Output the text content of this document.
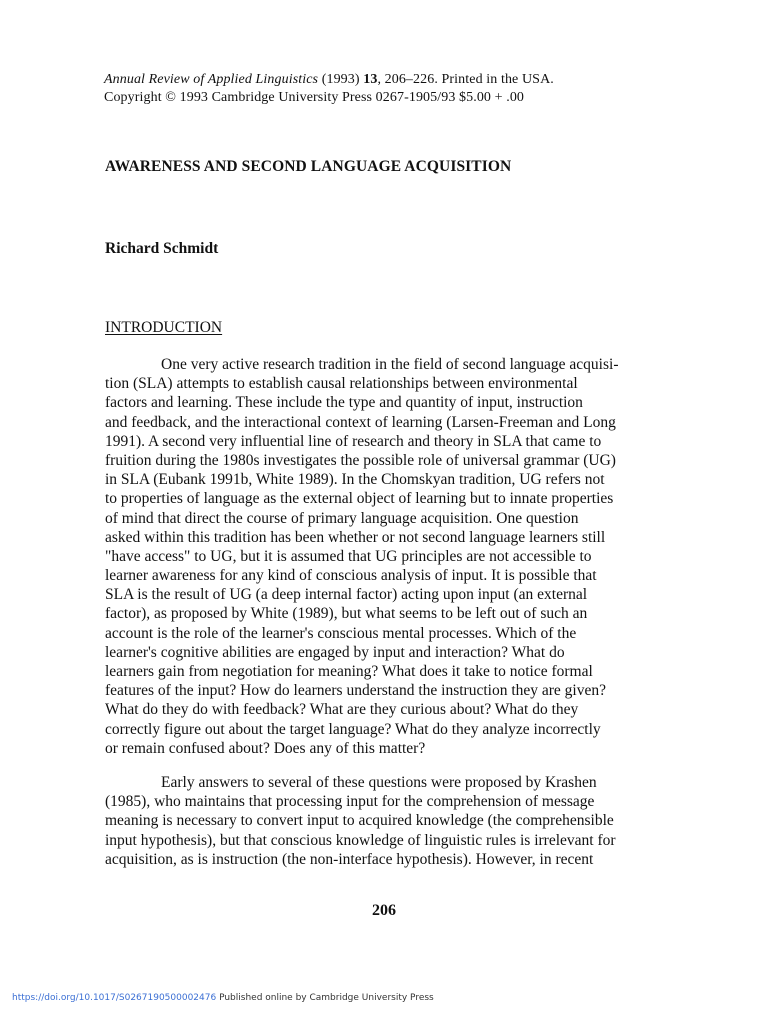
Annual Review of Applied Linguistics (1993) 13, 206–226. Printed in the USA.
Copyright © 1993 Cambridge University Press 0267-1905/93 $5.00 + .00
AWARENESS AND SECOND LANGUAGE ACQUISITION
Richard Schmidt
INTRODUCTION
One very active research tradition in the field of second language acquisi-
tion (SLA) attempts to establish causal relationships between environmental
factors and learning. These include the type and quantity of input, instruction
and feedback, and the interactional context of learning (Larsen-Freeman and Long
1991). A second very influential line of research and theory in SLA that came to
fruition during the 1980s investigates the possible role of universal grammar (UG)
in SLA (Eubank 1991b, White 1989). In the Chomskyan tradition, UG refers not
to properties of language as the external object of learning but to innate properties
of mind that direct the course of primary language acquisition. One question
asked within this tradition has been whether or not second language learners still
"have access" to UG, but it is assumed that UG principles are not accessible to
learner awareness for any kind of conscious analysis of input. It is possible that
SLA is the result of UG (a deep internal factor) acting upon input (an external
factor), as proposed by White (1989), but what seems to be left out of such an
account is the role of the learner's conscious mental processes. Which of the
learner's cognitive abilities are engaged by input and interaction? What do
learners gain from negotiation for meaning? What does it take to notice formal
features of the input? How do learners understand the instruction they are given?
What do they do with feedback? What are they curious about? What do they
correctly figure out about the target language? What do they analyze incorrectly
or remain confused about? Does any of this matter?
Early answers to several of these questions were proposed by Krashen
(1985), who maintains that processing input for the comprehension of message
meaning is necessary to convert input to acquired knowledge (the comprehensible
input hypothesis), but that conscious knowledge of linguistic rules is irrelevant for
acquisition, as is instruction (the non-interface hypothesis). However, in recent
206
https://doi.org/10.1017/S0267190500002476 Published online by Cambridge University Press
